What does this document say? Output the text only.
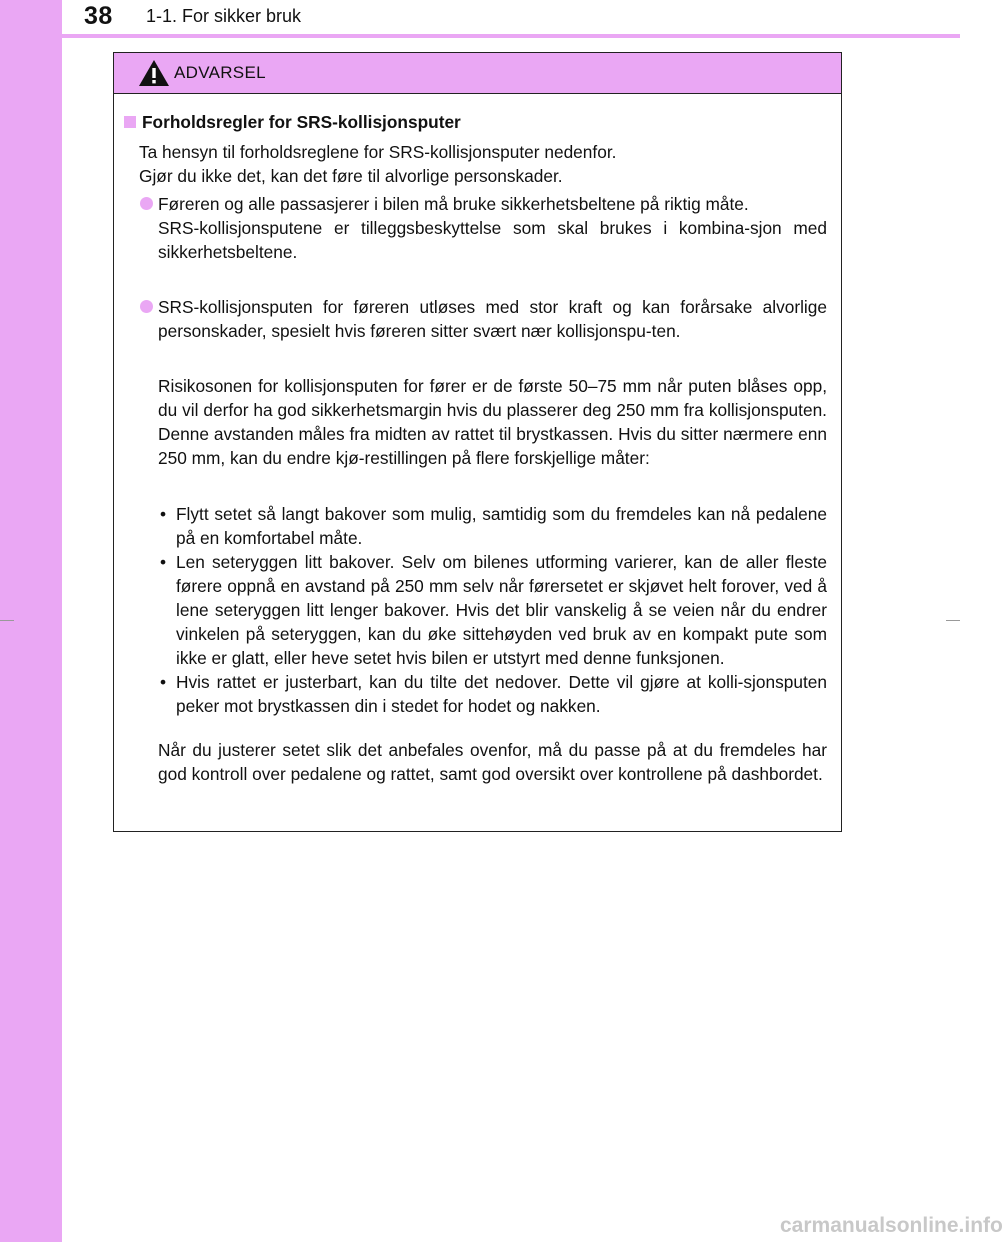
38 1-1. For sikker bruk
ADVARSEL
Forholdsregler for SRS-kollisjonsputer

Ta hensyn til forholdsreglene for SRS-kollisjonsputer nedenfor.

Gjør du ikke det, kan det føre til alvorlige personskader.

Føreren og alle passasjerer i bilen må bruke sikkerhetsbeltene på riktig måte.

SRS-kollisjonsputene er tilleggsbeskyttelse som skal brukes i kombina-sjon med sikkerhetsbeltene.

SRS-kollisjonsputen for føreren utløses med stor kraft og kan forårsake alvorlige personskader, spesielt hvis føreren sitter svært nær kollisjonspu-ten.

Risikosonen for kollisjonsputen for fører er de første 50–75 mm når puten blåses opp, du vil derfor ha god sikkerhetsmargin hvis du plasserer deg 250 mm fra kollisjonsputen. Denne avstanden måles fra midten av rattet til brystkassen. Hvis du sitter nærmere enn 250 mm, kan du endre kjø-restillingen på flere forskjellige måter:
• Flytt setet så langt bakover som mulig, samtidig som du fremdeles kan nå pedalene på en komfortabel måte.
• Len seteryggen litt bakover. Selv om bilenes utforming varierer, kan de aller fleste førere oppnå en avstand på 250 mm selv når førersetet er skjøvet helt forover, ved å lene seteryggen litt lenger bakover. Hvis det blir vanskelig å se veien når du endrer vinkelen på seteryggen, kan du øke sittehøyden ved bruk av en kompakt pute som ikke er glatt, eller heve setet hvis bilen er utstyrt med denne funksjonen.
• Hvis rattet er justerbart, kan du tilte det nedover. Dette vil gjøre at kolli-sjonsputen peker mot brystkassen din i stedet for hodet og nakken.
Når du justerer setet slik det anbefales ovenfor, må du passe på at du fremdeles har god kontroll over pedalene og rattet, samt god oversikt over kontrollene på dashbordet.
carmanualsonline.info
